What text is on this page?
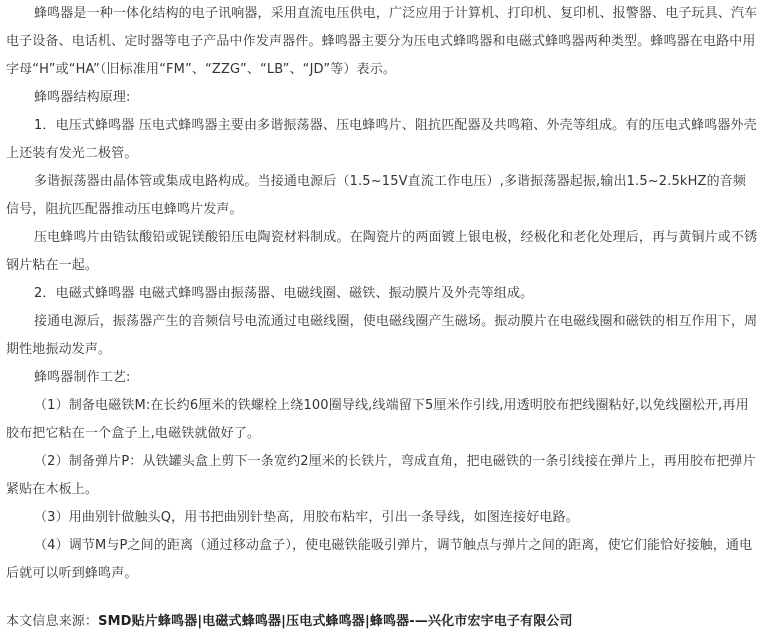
蜂鸣器是一种一体化结构的电子讯响器，采用直流电压供电，广泛应用于计算机、打印机、复印机、报警器、电子玩具、汽车电子设备、电话机、定时器等电子产品中作发声器件。蜂鸣器主要分为压电式蜂鸣器和电磁式蜂鸣器两种类型。蜂鸣器在电路中用字母“H”或“HA”（旧标准用“FM”、“ZZG”、“LB”、“JD”等）表示。

蜂鸣器结构原理:

1．电压式蜂鸣器 压电式蜂鸣器主要由多谐振荡器、压电蜂鸣片、阻抗匹配器及共鸣箱、外壳等组成。有的压电式蜂鸣器外壳上还装有发光二极管。

多谐振荡器由晶体管或集成电路构成。当接通电源后（1.5~15V直流工作电压）,多谐振荡器起振,输出1.5~2.5kHZ的音频信号，阻抗匹配器推动压电蜂鸣片发声。

压电蜂鸣片由锆钛酸铅或铌镁酸铅压电陶瓷材料制成。在陶瓷片的两面镀上银电极，经极化和老化处理后，再与黄铜片或不锈钢片粘在一起。

2．电磁式蜂鸣器 电磁式蜂鸣器由振荡器、电磁线圈、磁铁、振动膜片及外壳等组成。

接通电源后，振荡器产生的音频信号电流通过电磁线圈，使电磁线圈产生磁场。振动膜片在电磁线圈和磁铁的相互作用下，周期性地振动发声。

蜂鸣器制作工艺:

（1）制备电磁铁M:在长约6厘米的铁螺栓上绕100圈导线,线端留下5厘米作引线,用透明胶布把线圈粘好,以免线圈松开,再用胶布把它粘在一个盒子上,电磁铁就做好了。

（2）制备弹片P：从铁罐头盒上剪下一条宽约2厘米的长铁片，弯成直角，把电磁铁的一条引线接在弹片上，再用胶布把弹片紧贴在木板上。

（3）用曲别针做触头Q，用书把曲别针垫高，用胶布粘牢，引出一条导线，如图连接好电路。

（4）调节M与P之间的距离（通过移动盒子），使电磁铁能吸引弹片，调节触点与弹片之间的距离，使它们能恰好接触，通电后就可以听到蜂鸣声。

本文信息来源：SMD贴片蜂鸣器|电磁式蜂鸣器|压电式蜂鸣器|蜂鸣器-—兴化市宏宇电子有限公司
